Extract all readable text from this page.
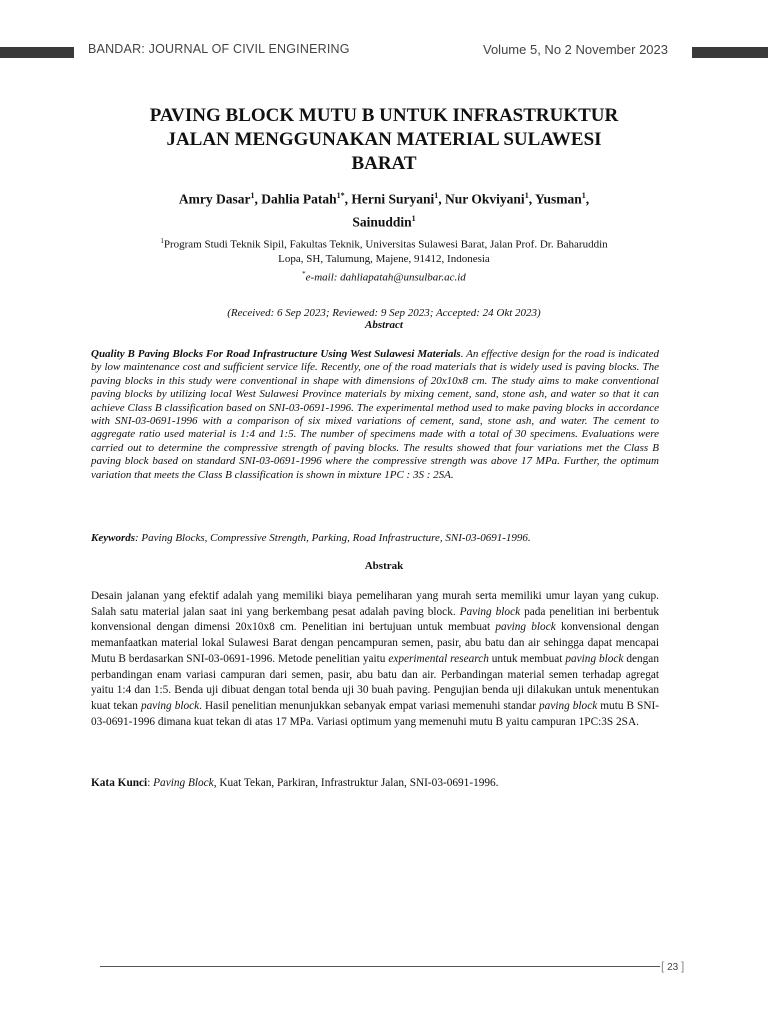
BANDAR: JOURNAL OF CIVIL ENGINERING	Volume 5, No 2 November 2023
PAVING BLOCK MUTU B UNTUK INFRASTRUKTUR
JALAN MENGGUNAKAN MATERIAL SULAWESI
BARAT
Amry Dasar$^1$, Dahlia Patah$^{1*}$, Herni Suryani$^1$, Nur Okviyani$^1$, Yusman$^1$,
Sainuddin$^1$
$^1$Program Studi Teknik Sipil, Fakultas Teknik, Universitas Sulawesi Barat, Jalan Prof. Dr. Baharuddin
Lopa, SH, Talumung, Majene, 91412, Indonesia
*e-mail: dahliapatah@unsulbar.ac.id
(Received: 6 Sep 2023; Reviewed: 9 Sep 2023; Accepted: 24 Okt 2023)
Abstract
Quality B Paving Blocks For Road Infrastructure Using West Sulawesi Materials. An effective design for the road is indicated by low maintenance cost and sufficient service life. Recently, one of the road materials that is widely used is paving blocks. The paving blocks in this study were conventional in shape with dimensions of 20x10x8 cm. The study aims to make conventional paving blocks by utilizing local West Sulawesi Province materials by mixing cement, sand, stone ash, and water so that it can achieve Class B classification based on SNI-03-0691-1996. The experimental method used to make paving blocks in accordance with SNI-03-0691-1996 with a comparison of six mixed variations of cement, sand, stone ash, and water. The cement to aggregate ratio used material is 1:4 and 1:5. The number of specimens made with a total of 30 specimens. Evaluations were carried out to determine the compressive strength of paving blocks. The results showed that four variations met the Class B paving block based on standard SNI-03-0691-1996 where the compressive strength was above 17 MPa. Further, the optimum variation that meets the Class B classification is shown in mixture 1PC : 3S : 2SA.
Keywords: Paving Blocks, Compressive Strength, Parking, Road Infrastructure, SNI-03-0691-1996.
Abstrak
Desain jalanan yang efektif adalah yang memiliki biaya pemeliharan yang murah serta memiliki umur layan yang cukup. Salah satu material jalan saat ini yang berkembang pesat adalah paving block. Paving block pada penelitian ini berbentuk konvensional dengan dimensi 20x10x8 cm. Penelitian ini bertujuan untuk membuat paving block konvensional dengan memanfaatkan material lokal Sulawesi Barat dengan pencampuran semen, pasir, abu batu dan air sehingga dapat mencapai Mutu B berdasarkan SNI-03-0691-1996. Metode penelitian yaitu experimental research untuk membuat paving block dengan perbandingan enam variasi campuran dari semen, pasir, abu batu dan air. Perbandingan material semen terhadap agregat yaitu 1:4 dan 1:5. Benda uji dibuat dengan total benda uji 30 buah paving. Pengujian benda uji dilakukan untuk menentukan kuat tekan paving block. Hasil penelitian menunjukkan sebanyak empat variasi memenuhi standar paving block mutu B SNI-03-0691-1996 dimana kuat tekan di atas 17 MPa. Variasi optimum yang memenuhi mutu B yaitu campuran 1PC:3S 2SA.
Kata Kunci: Paving Block, Kuat Tekan, Parkiran, Infrastruktur Jalan, SNI-03-0691-1996.
[ 23 ]
